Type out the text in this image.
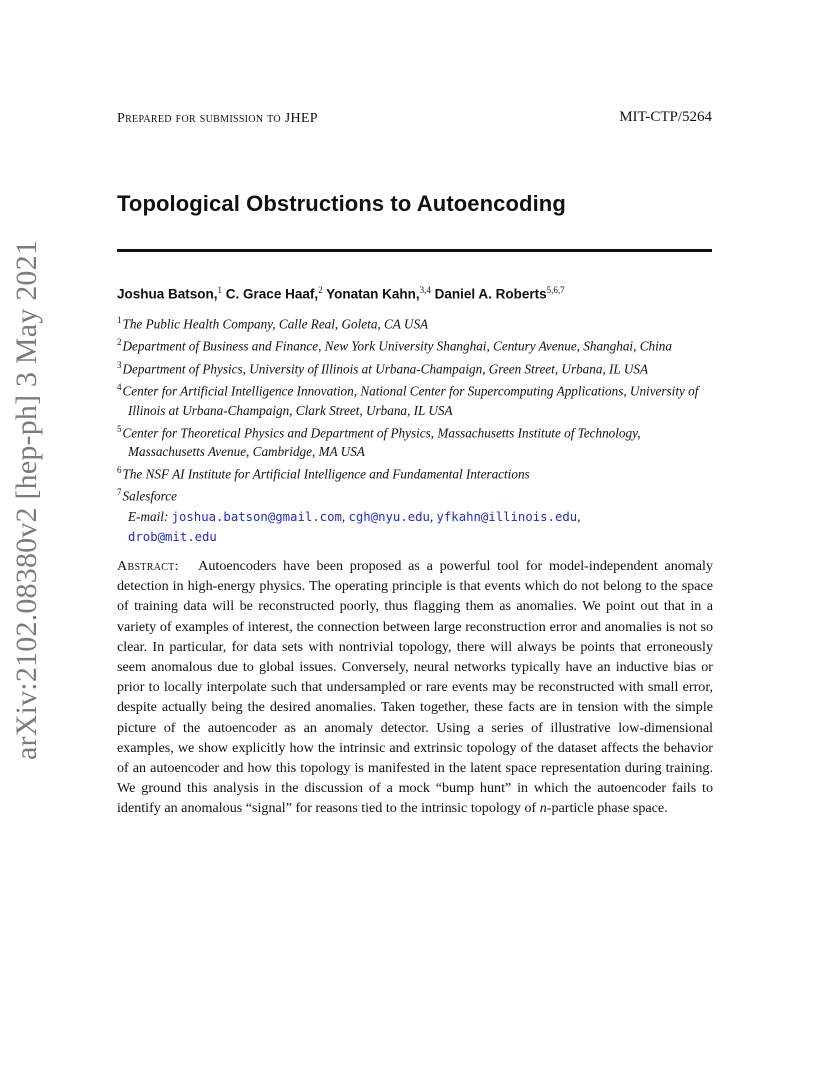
arXiv:2102.08380v2 [hep-ph] 3 May 2021
Prepared for submission to JHEP	MIT-CTP/5264
Topological Obstructions to Autoencoding
Joshua Batson,$^1$ C. Grace Haaf,$^2$ Yonatan Kahn,$^{3,4}$ Daniel A. Roberts$^{5,6,7}$
$^1$The Public Health Company, Calle Real, Goleta, CA USA
$^2$Department of Business and Finance, New York University Shanghai, Century Avenue, Shanghai, China
$^3$Department of Physics, University of Illinois at Urbana-Champaign, Green Street, Urbana, IL USA
$^4$Center for Artificial Intelligence Innovation, National Center for Supercomputing Applications, University of Illinois at Urbana-Champaign, Clark Street, Urbana, IL USA
$^5$Center for Theoretical Physics and Department of Physics, Massachusetts Institute of Technology, Massachusetts Avenue, Cambridge, MA USA
$^6$The NSF AI Institute for Artificial Intelligence and Fundamental Interactions
$^7$Salesforce
E-mail: joshua.batson@gmail.com, cgh@nyu.edu, yfkahn@illinois.edu,
drob@mit.edu
Abstract: Autoencoders have been proposed as a powerful tool for model-independent anomaly detection in high-energy physics. The operating principle is that events which do not belong to the space of training data will be reconstructed poorly, thus flagging them as anomalies. We point out that in a variety of examples of interest, the connection between large reconstruction error and anomalies is not so clear. In particular, for data sets with nontrivial topology, there will always be points that erroneously seem anomalous due to global issues. Conversely, neural networks typically have an inductive bias or prior to locally interpolate such that undersampled or rare events may be reconstructed with small error, despite actually being the desired anomalies. Taken together, these facts are in tension with the simple picture of the autoencoder as an anomaly detector. Using a series of illustrative low-dimensional examples, we show explicitly how the intrinsic and extrinsic topology of the dataset affects the behavior of an autoencoder and how this topology is manifested in the latent space representation during training. We ground this analysis in the discussion of a mock “bump hunt” in which the autoencoder fails to identify an anomalous “signal” for reasons tied to the intrinsic topology of n-particle phase space.
